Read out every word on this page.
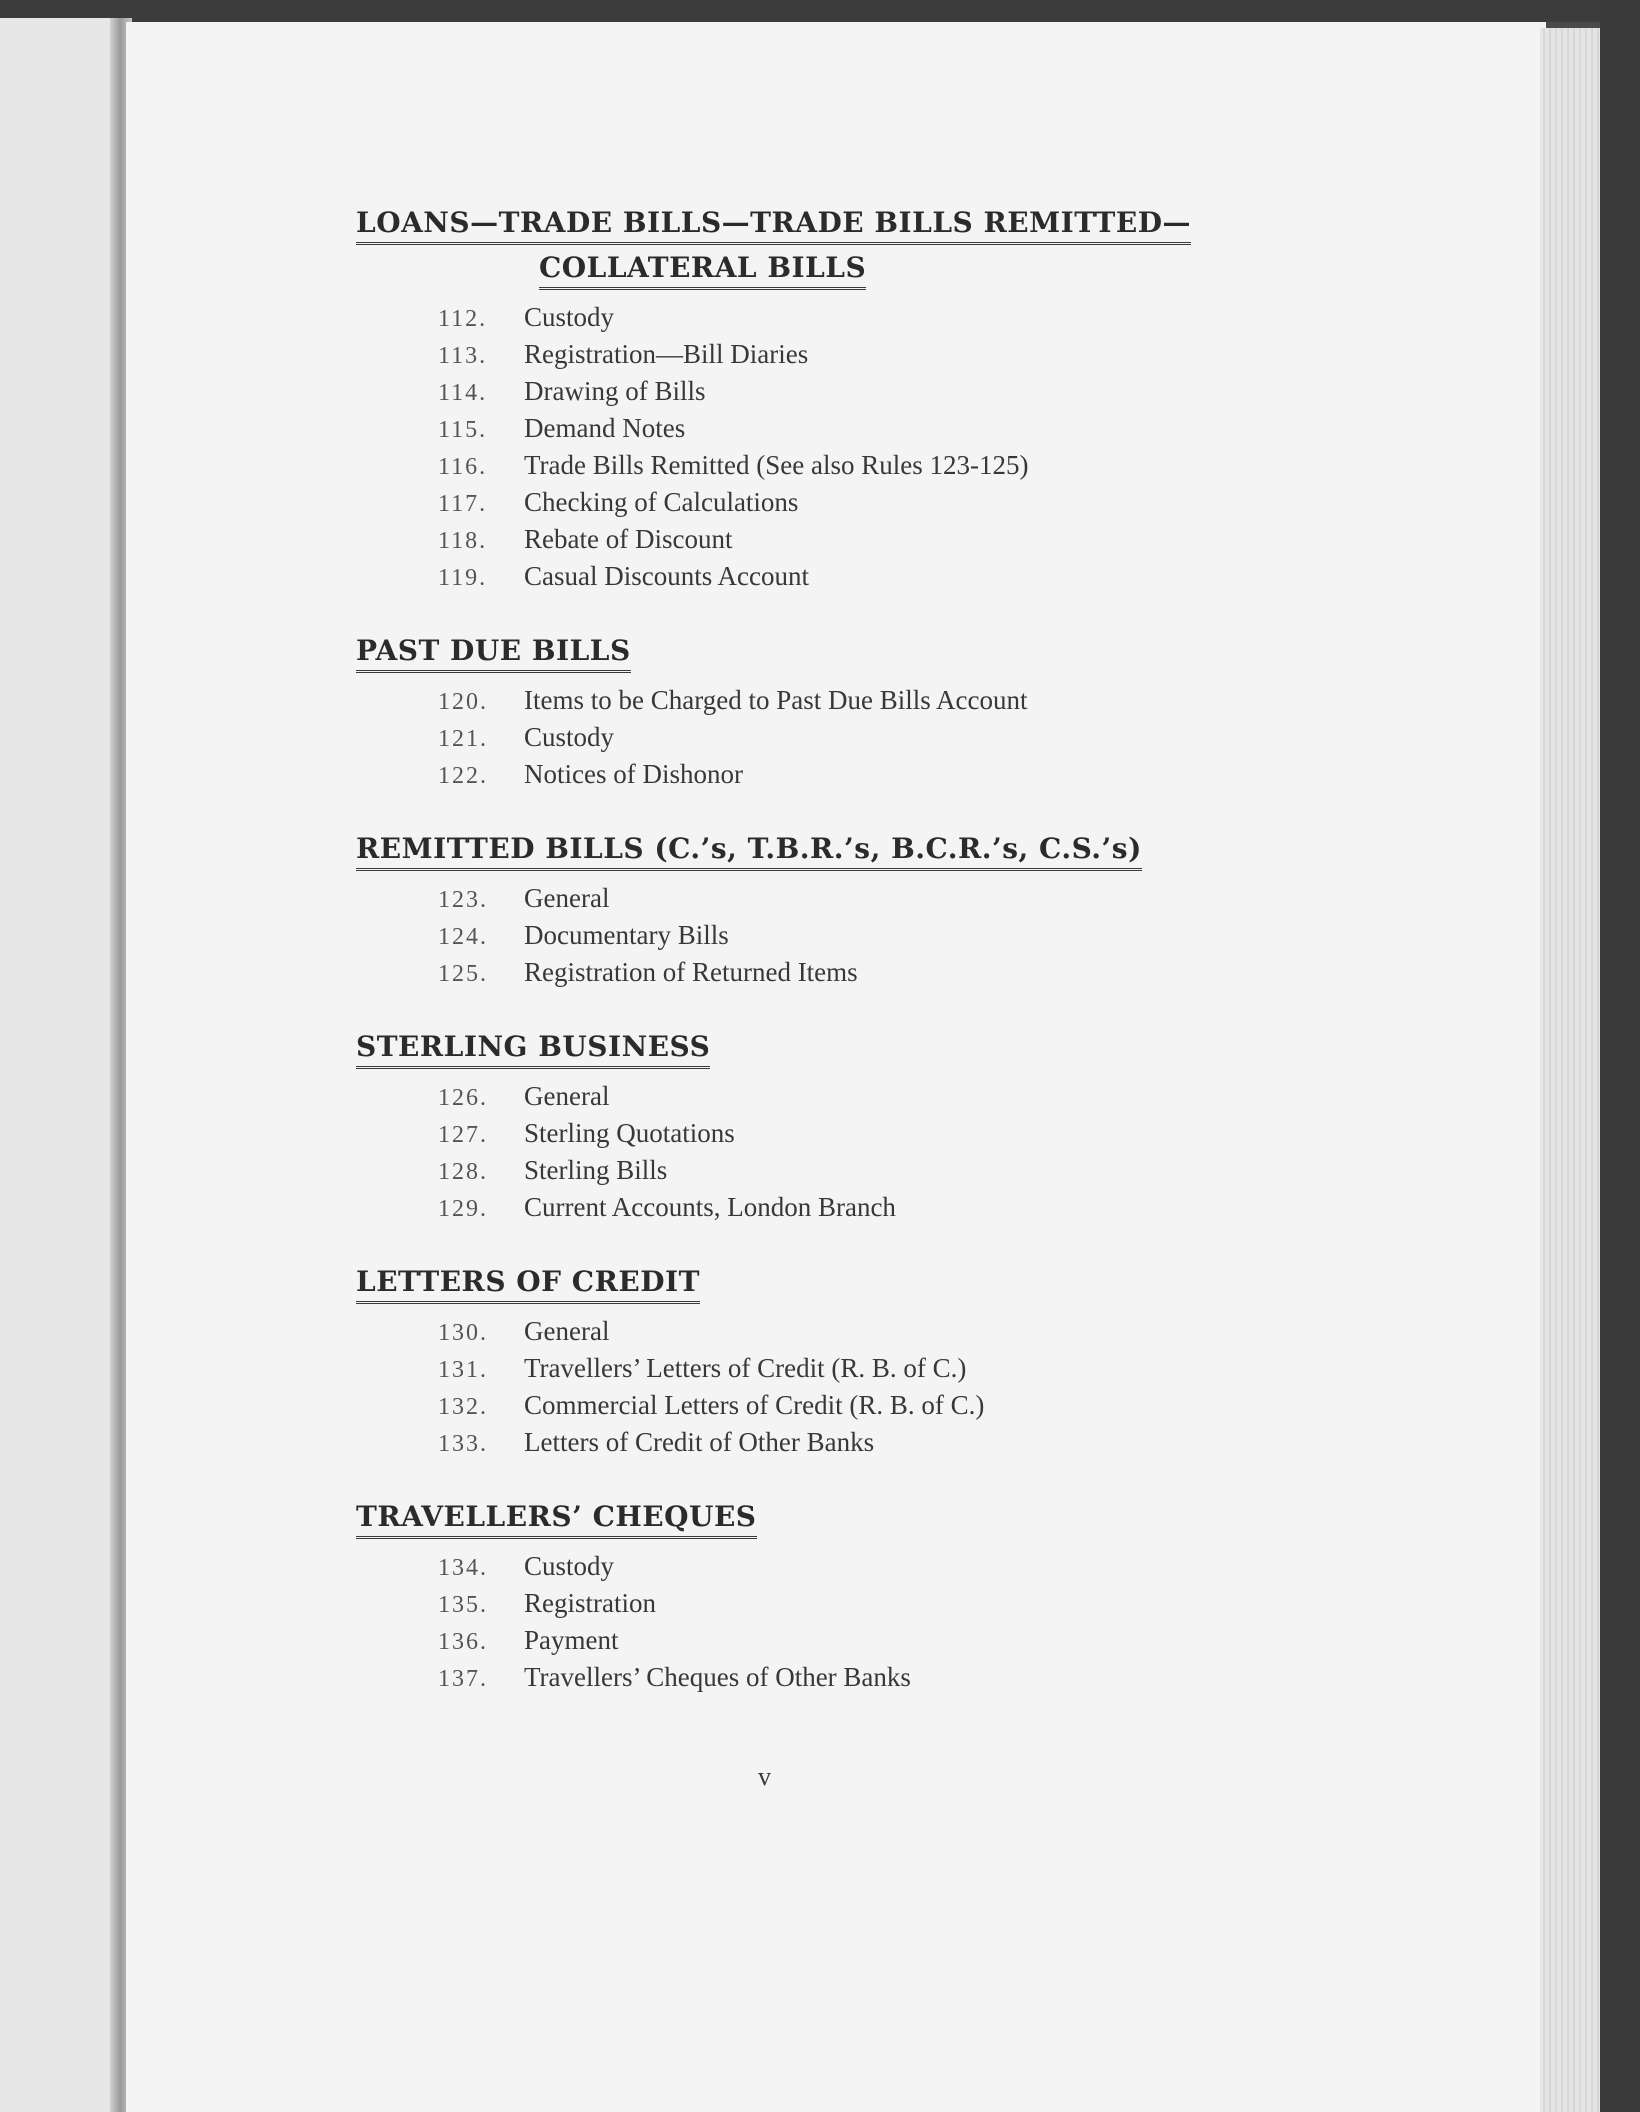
LOANS—TRADE BILLS—TRADE BILLS REMITTED—
COLLATERAL BILLS
112.	Custody
113.	Registration—Bill Diaries
114.	Drawing of Bills
115.	Demand Notes
116.	Trade Bills Remitted (See also Rules 123-125)
117.	Checking of Calculations
118.	Rebate of Discount
119.	Casual Discounts Account
PAST DUE BILLS
120.	Items to be Charged to Past Due Bills Account
121.	Custody
122.	Notices of Dishonor
REMITTED BILLS (C.’s, T.B.R.’s, B.C.R.’s, C.S.’s)
123.	General
124.	Documentary Bills
125.	Registration of Returned Items
STERLING BUSINESS
126.	General
127.	Sterling Quotations
128.	Sterling Bills
129.	Current Accounts, London Branch
LETTERS OF CREDIT
130.	General
131.	Travellers’ Letters of Credit (R. B. of C.)
132.	Commercial Letters of Credit (R. B. of C.)
133.	Letters of Credit of Other Banks
TRAVELLERS’ CHEQUES
134.	Custody
135.	Registration
136.	Payment
137.	Travellers’ Cheques of Other Banks
v
